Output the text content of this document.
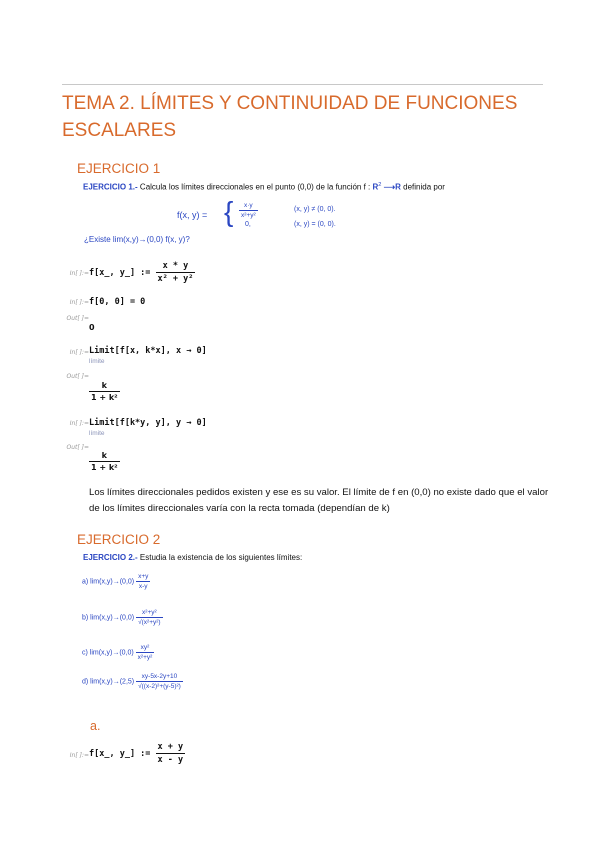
TEMA 2. LÍMITES Y CONTINUIDAD DE FUNCIONES ESCALARES
EJERCICIO 1
EJERCICIO 1.- Calcula los límites direccionales en el punto (0,0) de la función f : $R^2$ ⟶R definida por
f(x, y) = { $\frac{x\cdot y}{\text{x²+y²}}$
0,
(x, y) ≠ (0, 0).
(x, y) = (0, 0).
¿Existe lim(x,y)→(0,0) f(x, y)?
In[ ]:= f[x_, y_] := $\frac{x * y}{\text{x² + y²}}$
In[ ]:= f[0, 0] = 0
Out[ ]=
0
In[ ]:= Limit[f[x, k*x], x → 0]
límite
Out[ ]=
$\frac{k}{\text{1 + k²}}$
In[ ]:= Limit[f[k*y, y], y → 0]
límite
Out[ ]=
$\frac{k}{\text{1 + k²}}$
Los límites direccionales pedidos existen y ese es su valor. El límite de f en (0,0) no existe dado que el valor de los límites direccionales varía con la recta tomada (dependían de k)
EJERCICIO 2
EJERCICIO 2.- Estudia la existencia de los siguientes límites:
a) $\lim(x,y)\to(0,0) \frac{x+y}{x-y}$
b) $\lim(x,y)\to(0,0) \frac{\text{x²+y²}}{\text{√(x²+y²)}}$
c) $\lim(x,y)\to(0,0) \frac{\text{xy²}}{\text{x²+y²}}$
d) $\lim(x,y)\to(2,5) \frac{xy-5x-2y+10}{\text{√((x-2)²+(y-5)²)}}$
a.
In[ ]:= f[x_, y_] := $\frac{x + y}{x - y}$
